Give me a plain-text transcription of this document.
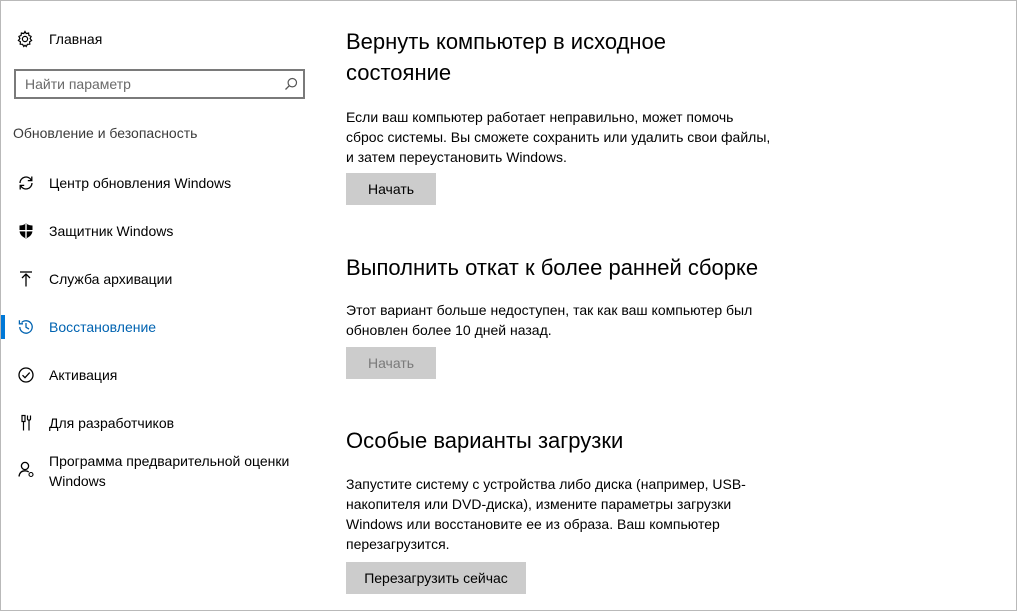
Главная
Найти параметр
Обновление и безопасность
Центр обновления Windows
Защитник Windows
Служба архивации
Восстановление
Активация
Для разработчиков
Программа предварительной оценки Windows
Вернуть компьютер в исходное
состояние

Если ваш компьютер работает неправильно, может помочь

сброс системы. Вы сможете сохранить или удалить свои файлы,

и затем переустановить Windows.

Начать
Выполнить откат к более ранней сборке

Этот вариант больше недоступен, так как ваш компьютер был

обновлен более 10 дней назад.

Начать
Особые варианты загрузки

Запустите систему с устройства либо диска (например, USB-

накопителя или DVD-диска), измените параметры загрузки

Windows или восстановите ее из образа. Ваш компьютер

перезагрузится.

Перезагрузить сейчас
